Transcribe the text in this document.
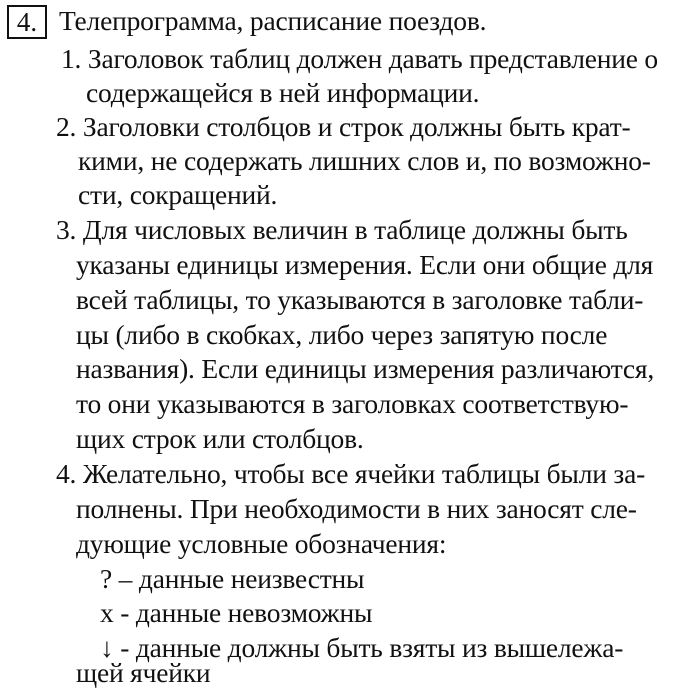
4. Телепрограмма, расписание поездов.
1. Заголовок таблиц должен давать представление о
содержащейся в ней информации.
2. Заголовки столбцов и строк должны быть крат-
кими, не содержать лишних слов и, по возможно-
сти, сокращений.
3. Для числовых величин в таблице должны быть
указаны единицы измерения. Если они общие для
всей таблицы, то указываются в заголовке табли-
цы (либо в скобках, либо через запятую после
названия). Если единицы измерения различаются,
то они указываются в заголовках соответствую-
щих строк или столбцов.
4. Желательно, чтобы все ячейки таблицы были за-
полнены. При необходимости в них заносят сле-
дующие условные обозначения:
? – данные неизвестны
x - данные невозможны
↓ - данные должны быть взяты из вышележа-
щей ячейки
